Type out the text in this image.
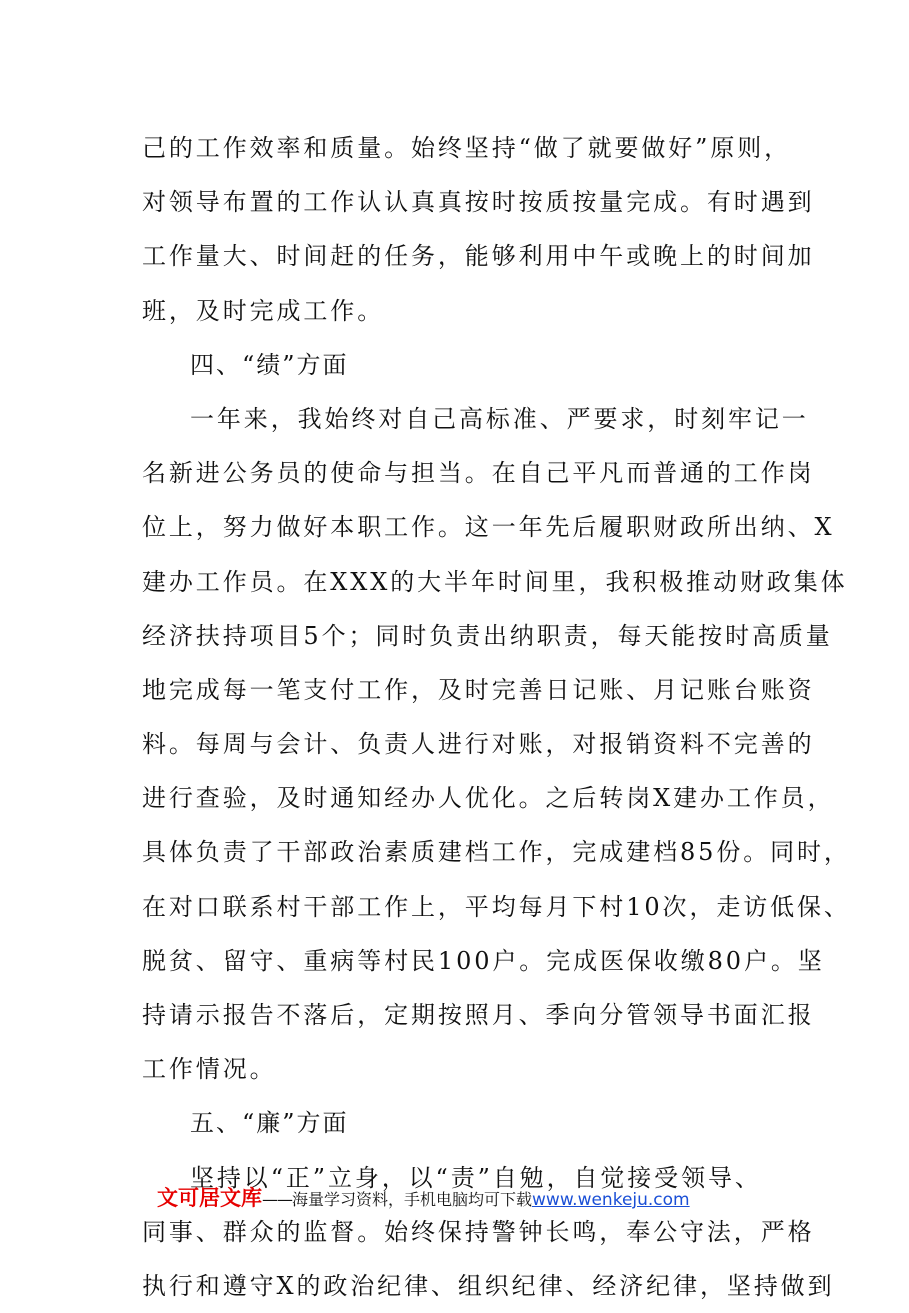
己的工作效率和质量。始终坚持“做了就要做好”原则，
对领导布置的工作认认真真按时按质按量完成。有时遇到
工作量大、时间赶的任务，能够利用中午或晚上的时间加
班，及时完成工作。
四、“绩”方面
一年来，我始终对自己高标准、严要求，时刻牢记一
名新进公务员的使命与担当。在自己平凡而普通的工作岗
位上，努力做好本职工作。这一年先后履职财政所出纳、X
建办工作员。在XXX的大半年时间里，我积极推动财政集体
经济扶持项目5个；同时负责出纳职责，每天能按时高质量
地完成每一笔支付工作，及时完善日记账、月记账台账资
料。每周与会计、负责人进行对账，对报销资料不完善的
进行查验，及时通知经办人优化。之后转岗X建办工作员，
具体负责了干部政治素质建档工作，完成建档85份。同时，
在对口联系村干部工作上，平均每月下村10次，走访低保、
脱贫、留守、重病等村民100户。完成医保收缴80户。坚
持请示报告不落后，定期按照月、季向分管领导书面汇报
工作情况。
五、“廉”方面
坚持以“正”立身，以“责”自勉，自觉接受领导、
同事、群众的监督。始终保持警钟长鸣，奉公守法，严格
执行和遵守X的政治纪律、组织纪律、经济纪律，坚持做到
文可居文库——海量学习资料，手机电脑均可下载www.wenkeju.com
